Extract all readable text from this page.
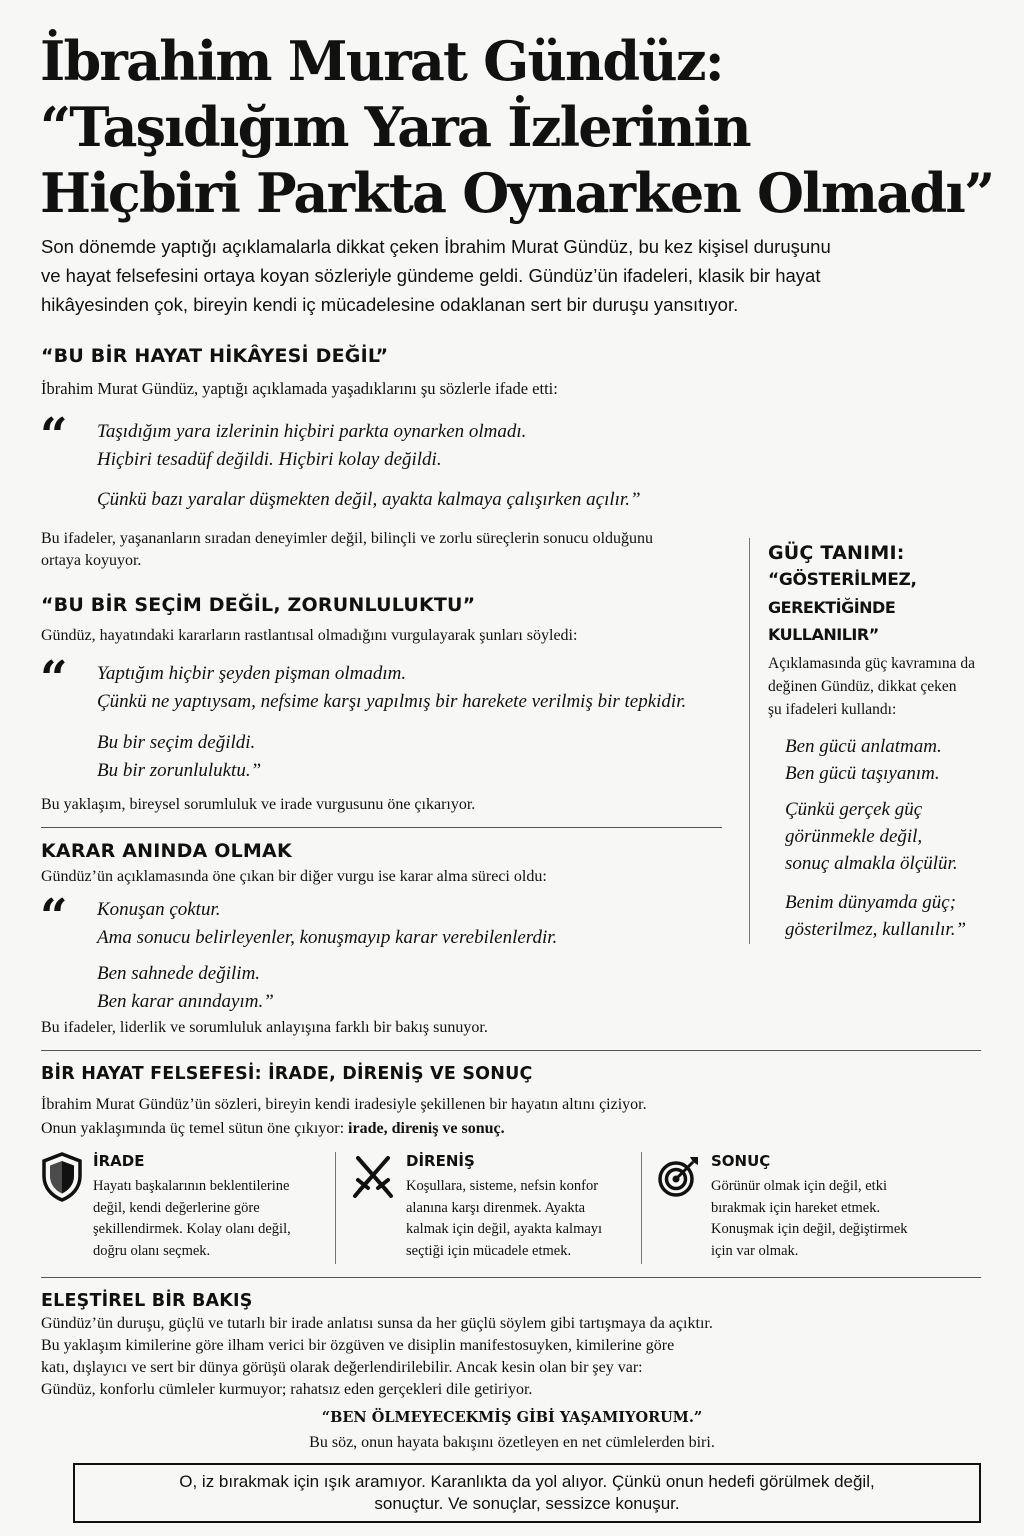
İbrahim Murat Gündüz:
“Taşıdığım Yara İzlerinin
Hiçbiri Parkta Oynarken Olmadı”

Son dönemde yaptığı açıklamalarla dikkat çeken İbrahim Murat Gündüz, bu kez kişisel duruşunu
ve hayat felsefesini ortaya koyan sözleriyle gündeme geldi. Gündüz’ün ifadeleri, klasik bir hayat
hikâyesinden çok, bireyin kendi iç mücadelesine odaklanan sert bir duruşu yansıtıyor.

“BU BİR HAYAT HİKÂYESİ DEĞİL”
İbrahim Murat Gündüz, yaptığı açıklamada yaşadıklarını şu sözlerle ifade etti:
“ Taşıdığım yara izlerinin hiçbiri parkta oynarken olmadı.
Hiçbiri tesadüf değildi. Hiçbiri kolay değildi.
Çünkü bazı yaralar düşmekten değil, ayakta kalmaya çalışırken açılır.”
Bu ifadeler, yaşananların sıradan deneyimler değil, bilinçli ve zorlu süreçlerin sonucu olduğunu
ortaya koyuyor.
“BU BİR SEÇİM DEĞİL, ZORUNLULUKTU”
Gündüz, hayatındaki kararların rastlantısal olmadığını vurgulayarak şunları söyledi:
“ Yaptığım hiçbir şeyden pişman olmadım.
Çünkü ne yaptıysam, nefsime karşı yapılmış bir harekete verilmiş bir tepkidir.
Bu bir seçim değildi.
Bu bir zorunluluktu.”
Bu yaklaşım, bireysel sorumluluk ve irade vurgusunu öne çıkarıyor.
KARAR ANINDA OLMAK
Gündüz’ün açıklamasında öne çıkan bir diğer vurgu ise karar alma süreci oldu:
“ Konuşan çoktur.
Ama sonucu belirleyenler, konuşmayıp karar verebilenlerdir.
Ben sahnede değilim.
Ben karar anındayım.”
Bu ifadeler, liderlik ve sorumluluk anlayışına farklı bir bakış sunuyor.
GÜÇ TANIMI:
“GÖSTERİLMEZ,
GEREKTİĞİNDE KULLANILIR”
Açıklamasında güç kavramına da
değinen Gündüz, dikkat çeken
şu ifadeleri kullandı:
Ben gücü anlatmam.
Ben gücü taşıyanım.
Çünkü gerçek güç
görünmekle değil,
sonuç almakla ölçülür.
Benim dünyamda güç;
gösterilmez, kullanılır.”
BİR HAYAT FELSEFESİ: İRADE, DİRENİŞ VE SONUÇ
İbrahim Murat Gündüz’ün sözleri, bireyin kendi iradesiyle şekillenen bir hayatın altını çiziyor.
Onun yaklaşımında üç temel sütun öne çıkıyor: irade, direniş ve sonuç.
İRADE
Hayatı başkalarının beklentilerine
değil, kendi değerlerine göre
şekillendirmek. Kolay olanı değil,
doğru olanı seçmek.
DİRENİŞ
Koşullara, sisteme, nefsin konfor
alanına karşı direnmek. Ayakta
kalmak için değil, ayakta kalmayı
seçtiği için mücadele etmek.
SONUÇ
Görünür olmak için değil, etki
bırakmak için hareket etmek.
Konuşmak için değil, değiştirmek
için var olmak.
ELEŞTİREL BİR BAKIŞ
Gündüz’ün duruşu, güçlü ve tutarlı bir irade anlatısı sunsa da her güçlü söylem gibi tartışmaya da açıktır.
Bu yaklaşım kimilerine göre ilham verici bir özgüven ve disiplin manifestosuyken, kimilerine göre
katı, dışlayıcı ve sert bir dünya görüşü olarak değerlendirilebilir. Ancak kesin olan bir şey var:
Gündüz, konforlu cümleler kurmuyor; rahatsız eden gerçekleri dile getiriyor.
“BEN ÖLMEYECEKMİŞ GİBİ YAŞAMIYORUM.”
Bu söz, onun hayata bakışını özetleyen en net cümlelerden biri.
O, iz bırakmak için ışık aramıyor. Karanlıkta da yol alıyor. Çünkü onun hedefi görülmek değil,
sonuçtur. Ve sonuçlar, sessizce konuşur.
